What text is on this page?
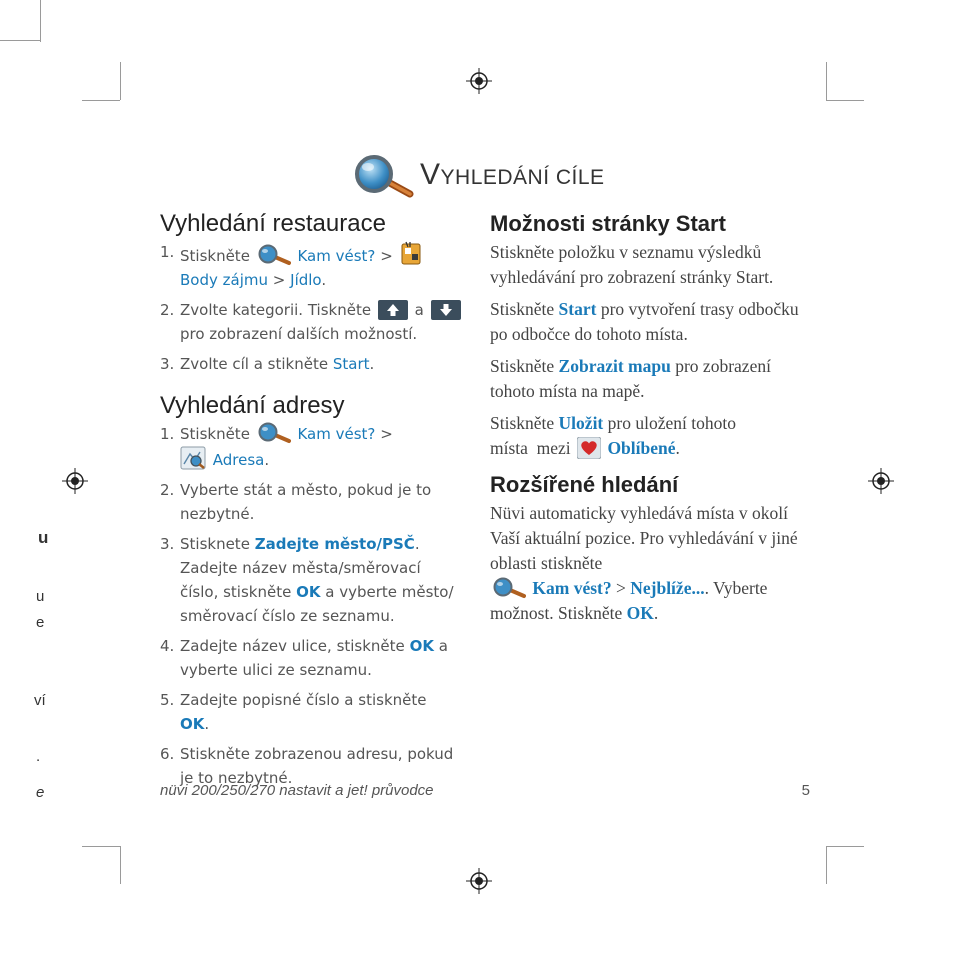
u
u
e
ví
.
e
VYHLEDÁNÍ CÍLE
Vyhledání restaurace
1. Stiskněte	Kam vést? >
Body zájmu > Jídlo.
2. Zvolte kategorii. Tiskněte	a
pro zobrazení dalších možností.
3. Zvolte cíl a stikněte Start.
Vyhledání adresy
1. Stiskněte	Kam vést? >
Adresa.
2. Vyberte stát a město, pokud je to
nezbytné.
3. Stisknete Zadejte město/PSČ.
Zadejte název města/směrovací
číslo, stiskněte OK a vyberte město/
směrovací číslo ze seznamu.
4. Zadejte název ulice, stiskněte OK a
vyberte ulici ze seznamu.
5. Zadejte popisné číslo a stiskněte
OK.
6. Stiskněte zobrazenou adresu, pokud
je to nezbytné.
Možnosti stránky Start

Stiskněte položku v seznamu výsledků vyhledávání pro zobrazení stránky Start.

Stiskněte Start pro vytvoření trasy odbočku po odbočce do tohoto místa.

Stiskněte Zobrazit mapu pro zobrazení tohoto místa na mapě.

Stiskněte Uložit pro uložení tohoto
místa  mezi Oblíbené.

Rozšířené hledání

Nüvi automaticky vyhledává místa v okolí Vaší aktuální pozice. Pro vyhledávání v jiné oblasti stiskněte
Kam vést? > Nejblíže.... Vyberte možnost. Stiskněte OK.

nüvi 200/250/270 nastavit a jet! průvodce	5
